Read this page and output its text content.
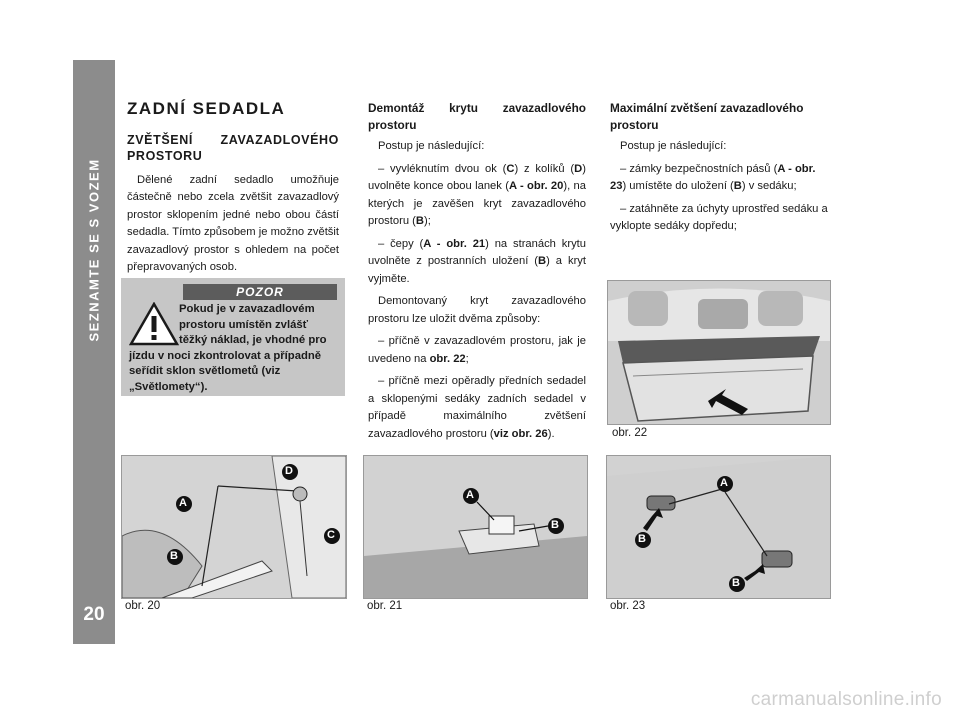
SEZNAMTE SE S VOZEM
20
ZADNÍ SEDADLA
ZVĚTŠENÍ ZAVAZADLOVÉHO PROSTORU

Dělené zadní sedadlo umožňuje částečně nebo zcela zvětšit zavazadlový prostor sklopením jedné nebo obou částí sedadla. Tímto způsobem je možno zvětšit zavazadlový prostor s ohledem na počet přepravovaných osob.

POZOR
Pokud je v zavazadlovém prostoru umístěn zvlášť těžký náklad, je vhodné pro jízdu v noci zkontrolovat a případně seřídit sklon světlometů (viz „Světlomety“).
Demontáž krytu zavazadlového prostoru

Postup je následující:

– vyvléknutím dvou ok (C) z kolíků (D) uvolněte konce obou lanek (A - obr. 20), na kterých je zavěšen kryt zavazadlového prostoru (B);

– čepy (A - obr. 21) na stranách krytu uvolněte z postranních uložení (B) a kryt vyjměte.

Demontovaný kryt zavazadlového prostoru lze uložit dvěma způsoby:

– příčně v zavazadlovém prostoru, jak je uvedeno na obr. 22;

– příčně mezi opěradly předních sedadel a sklopenými sedáky zadních sedadel v případě maximálního zvětšení zavazadlového prostoru (viz obr. 26).

Maximální zvětšení zavazadlového prostoru

Postup je následující:

– zámky bezpečnostních pásů (A - obr. 23) umístěte do uložení (B) v sedáku;

– zatáhněte za úchyty uprostřed sedáku a vyklopte sedáky dopředu;

obr. 22
A
B
C
D
obr. 20
A
B
obr. 21
A
B
B
obr. 23
carmanualsonline.info
